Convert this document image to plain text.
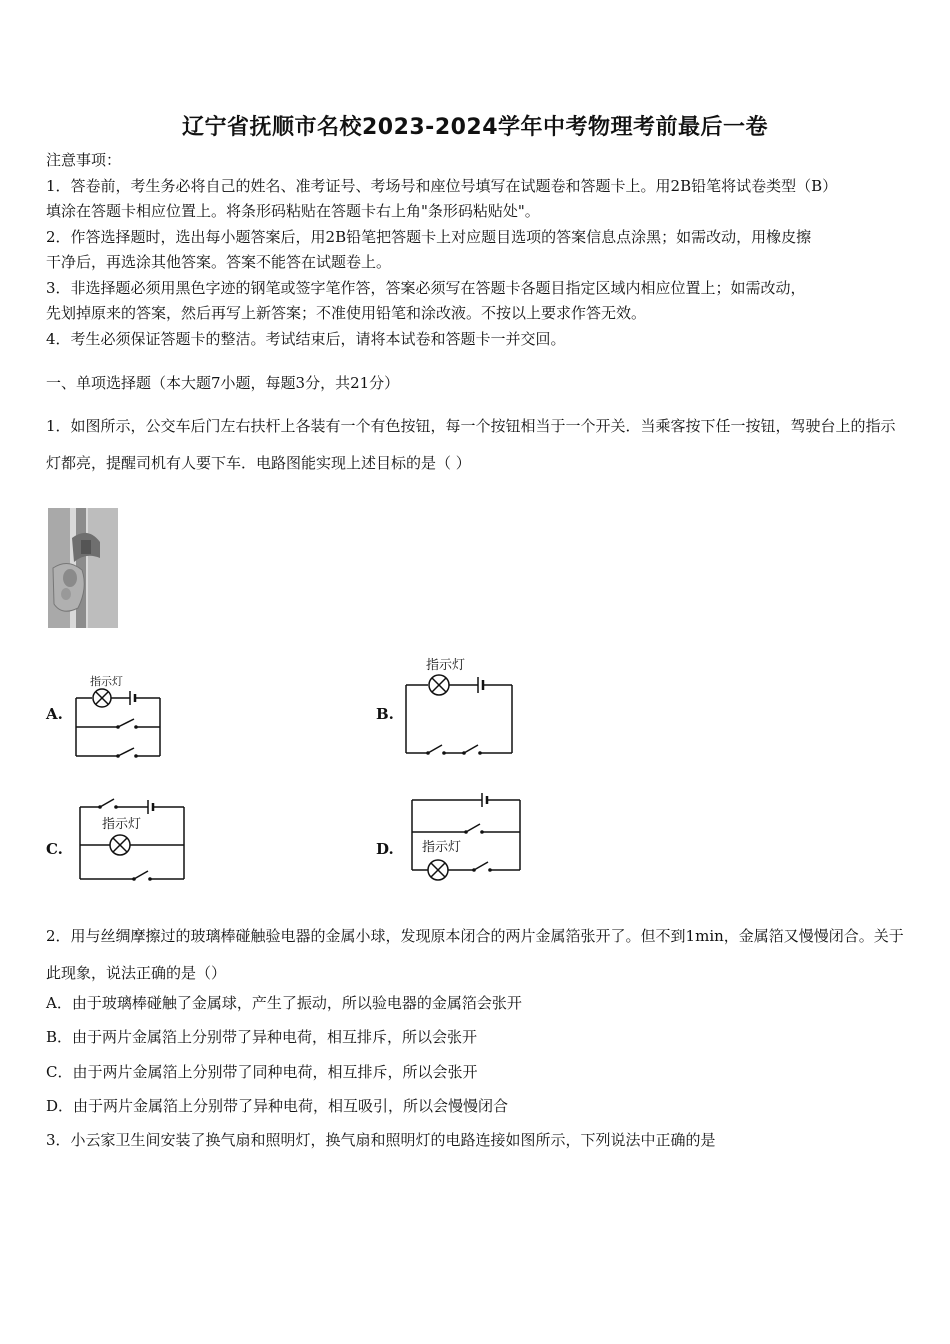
辽宁省抚顺市名校2023-2024学年中考物理考前最后一卷

注意事项：

1．答卷前，考生务必将自己的姓名、准考证号、考场号和座位号填写在试题卷和答题卡上。用2B铅笔将试卷类型（B）

填涂在答题卡相应位置上。将条形码粘贴在答题卡右上角"条形码粘贴处"。

2．作答选择题时，选出每小题答案后，用2B铅笔把答题卡上对应题目选项的答案信息点涂黑；如需改动，用橡皮擦

干净后，再选涂其他答案。答案不能答在试题卷上。

3．非选择题必须用黑色字迹的钢笔或签字笔作答，答案必须写在答题卡各题目指定区域内相应位置上；如需改动，

先划掉原来的答案，然后再写上新答案；不准使用铅笔和涂改液。不按以上要求作答无效。

4．考生必须保证答题卡的整洁。考试结束后，请将本试卷和答题卡一并交回。

一、单项选择题（本大题7小题，每题3分，共21分）
1．如图所示，公交车后门左右扶杆上各装有一个有色按钮，每一个按钮相当于一个开关．当乘客按下任一按钮，驾驶台上的指示灯都亮，提醒司机有人要下车．电路图能实现上述目标的是（ ）
A.
指示灯
B.
指示灯
C.
指示灯
D. 指示灯
2．用与丝绸摩擦过的玻璃棒碰触验电器的金属小球，发现原本闭合的两片金属箔张开了。但不到1min，金属箔又慢慢闭合。关于此现象，说法正确的是（）

A．由于玻璃棒碰触了金属球，产生了振动，所以验电器的金属箔会张开

B．由于两片金属箔上分别带了异种电荷，相互排斥，所以会张开

C．由于两片金属箔上分别带了同种电荷，相互排斥，所以会张开

D．由于两片金属箔上分别带了异种电荷，相互吸引，所以会慢慢闭合

3．小云家卫生间安装了换气扇和照明灯，换气扇和照明灯的电路连接如图所示，下列说法中正确的是
